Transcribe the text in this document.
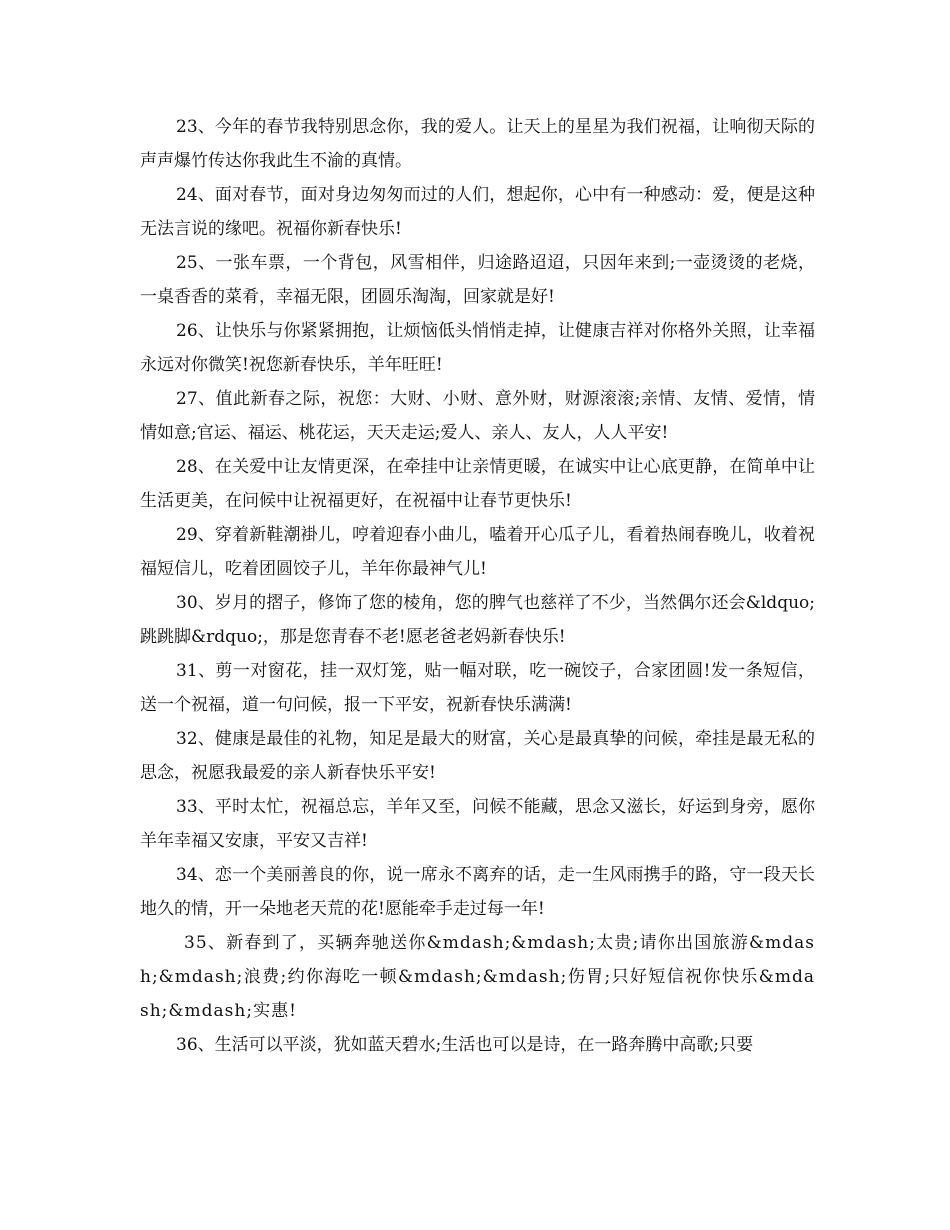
23、今年的春节我特别思念你，我的爱人。让天上的星星为我们祝福，让响彻天际的声声爆竹传达你我此生不渝的真情。

24、面对春节，面对身边匆匆而过的人们，想起你，心中有一种感动：爱，便是这种无法言说的缘吧。祝福你新春快乐!

25、一张车票，一个背包，风雪相伴，归途路迢迢，只因年来到;一壶烫烫的老烧，一桌香香的菜肴，幸福无限，团圆乐淘淘，回家就是好!

26、让快乐与你紧紧拥抱，让烦恼低头悄悄走掉，让健康吉祥对你格外关照，让幸福永远对你微笑!祝您新春快乐，羊年旺旺!

27、值此新春之际，祝您：大财、小财、意外财，财源滚滚;亲情、友情、爱情，情情如意;官运、福运、桃花运，天天走运;爱人、亲人、友人，人人平安!

28、在关爱中让友情更深，在牵挂中让亲情更暖，在诚实中让心底更静，在简单中让生活更美，在问候中让祝福更好，在祝福中让春节更快乐!

29、穿着新鞋潮褂儿，哼着迎春小曲儿，嗑着开心瓜子儿，看着热闹春晚儿，收着祝福短信儿，吃着团圆饺子儿，羊年你最神气儿!

30、岁月的摺子，修饰了您的棱角，您的脾气也慈祥了不少，当然偶尔还会&ldquo;跳跳脚&rdquo;，那是您青春不老!愿老爸老妈新春快乐!

31、剪一对窗花，挂一双灯笼，贴一幅对联，吃一碗饺子，合家团圆!发一条短信，送一个祝福，道一句问候，报一下平安，祝新春快乐满满!

32、健康是最佳的礼物，知足是最大的财富，关心是最真挚的问候，牵挂是最无私的思念，祝愿我最爱的亲人新春快乐平安!

33、平时太忙，祝福总忘，羊年又至，问候不能藏，思念又滋长，好运到身旁，愿你羊年幸福又安康，平安又吉祥!

34、恋一个美丽善良的你，说一席永不离弃的话，走一生风雨携手的路，守一段天长地久的情，开一朵地老天荒的花!愿能牵手走过每一年!

35、新春到了，买辆奔驰送你&mdash;&mdash;太贵;请你出国旅游&mdash;&mdash;浪费;约你海吃一顿&mdash;&mdash;伤胃;只好短信祝你快乐&mdash;&mdash;实惠!

36、生活可以平淡，犹如蓝天碧水;生活也可以是诗，在一路奔腾中高歌;只要
